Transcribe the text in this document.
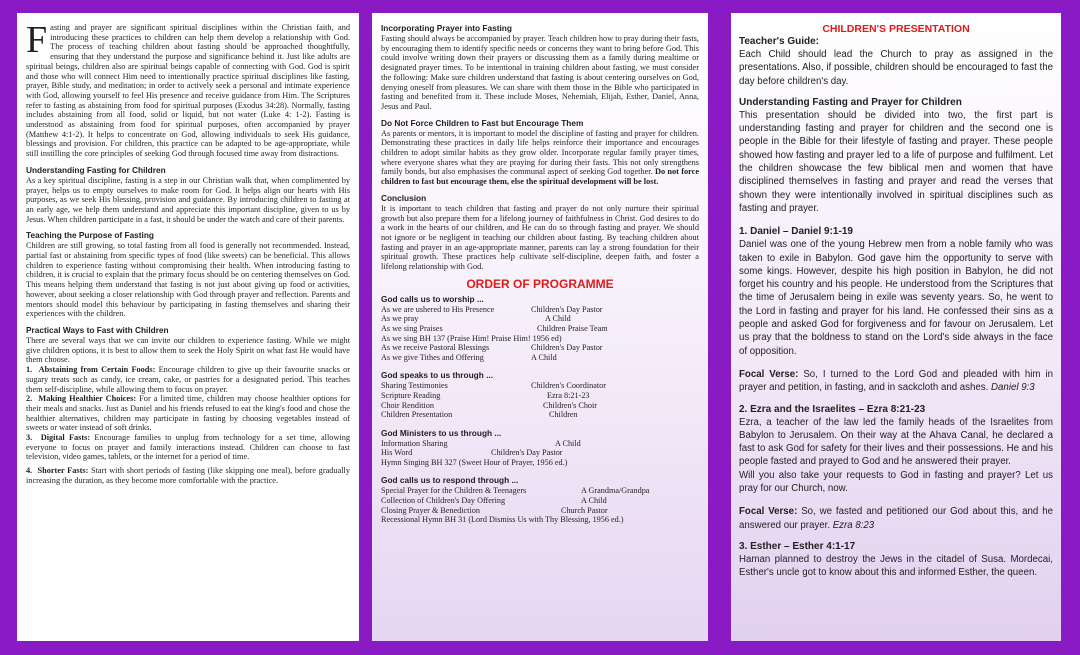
Fasting and prayer are significant spiritual disciplines within the Christian faith, and introducing these practices to children can help them develop a relationship with God. The process of teaching children about fasting should be approached thoughtfully, ensuring that they understand the purpose and significance behind it. Just like adults are spiritual beings, children also are spiritual beings capable of connecting with God. God is spirit and those who will connect Him need to intentionally practice spiritual disciplines like fasting, prayer, Bible study, and meditation; in order to actively seek a personal and intimate experience with God, allowing yourself to feel His presence and receive guidance from Him. The Scriptures refer to fasting as abstaining from food for spiritual purposes (Exodus 34:28). Normally, fasting includes abstaining from all food, solid or liquid, but not water (Luke 4: 1-2). Fasting is understood as abstaining from food for spiritual purposes, often accompanied by prayer (Matthew 4:1-2). It helps to concentrate on God, allowing individuals to seek His guidance, blessings and provision. For children, this practice can be adapted to be age-appropriate, while still instilling the core principles of seeking God through focused time away from distractions.

Understanding Fasting for Children

As a key spiritual discipline, fasting is a step in our Christian walk that, when complimented by prayer, helps us to empty ourselves to make room for God. It helps align our hearts with His purposes, as we seek His blessing, provision and guidance. By introducing children to fasting at an early age, we help them understand and appreciate this important discipline, given to us by Jesus. When children participate in a fast, it should be under the watch and care of their parents.

Teaching the Purpose of Fasting

Children are still growing, so total fasting from all food is generally not recommended. Instead, partial fast or abstaining from specific types of food (like sweets) can be beneficial. This allows children to experience fasting without compromising their health. When introducing fasting to children, it is crucial to explain that the primary focus should be on centering themselves on God. This means helping them understand that fasting is not just about giving up food or activities, however, about seeking a closer relationship with God through prayer and reflection. Parents and mentors should model this behaviour by participating in fasting themselves and sharing their experiences with the children.

Practical Ways to Fast with Children

There are several ways that we can invite our children to experience fasting. While we might give children options, it is best to allow them to seek the Holy Spirit on what fast He would have them choose.

1. Abstaining from Certain Foods: Encourage children to give up their favourite snacks or sugary treats such as candy, ice cream, cake, or pastries for a designated period. This teaches them self-discipline, while allowing them to focus on prayer.

2. Making Healthier Choices: For a limited time, children may choose healthier options for their meals and snacks. Just as Daniel and his friends refused to eat the king's food and chose the healthier alternatives, children may participate in fasting by choosing vegetables instead of sweets or water instead of soft drinks.

3. Digital Fasts: Encourage families to unplug from technology for a set time, allowing everyone to focus on prayer and family interactions instead. Children can choose to fast television, video games, tablets, or the internet for a period of time.

4. Shorter Fasts: Start with short periods of fasting (like skipping one meal), before gradually increasing the duration, as they become more comfortable with the practice.

Incorporating Prayer into Fasting

Fasting should always be accompanied by prayer. Teach children how to pray during their fasts, by encouraging them to identify specific needs or concerns they want to bring before God. This could involve writing down their prayers or discussing them as a family during mealtime or designated prayer times. To be intentional in training children about fasting, we must consider the following: Make sure children understand that fasting is about centering ourselves on God, denying oneself from pleasures. We can share with them those in the Bible who participated in fasting and benefited from it. These include Moses, Nehemiah, Elijah, Esther, Daniel, Anna, Jesus and Paul.

Do Not Force Children to Fast but Encourage Them

As parents or mentors, it is important to model the discipline of fasting and prayer for children. Demonstrating these practices in daily life helps reinforce their importance and encourages children to adopt similar habits as they grow older. Incorporate regular family prayer times, where everyone shares what they are praying for during their fasts. This not only strengthens family bonds, but also emphasises the communal aspect of seeking God together. Do not force children to fast but encourage them, else the spiritual development will be lost.

Conclusion

It is important to teach children that fasting and prayer do not only nurture their spiritual growth but also prepare them for a lifelong journey of faithfulness in Christ. God desires to do a work in the hearts of our children, and He can do so through fasting and prayer. We should not ignore or be negligent in teaching our children about fasting. By teaching children about fasting and prayer in an age-appropriate manner, parents can lay a strong foundation for their spiritual growth. These practices help cultivate self-discipline, deepen faith, and foster a lifelong relationship with God.

ORDER OF PROGRAMME
God calls us to worship ...
As we are ushered to His Presence	Children's Day Pastor
As we pray	A Child
As we sing Praises	Children Praise Team
As we sing BH 137 (Praise Him! Praise Him! 1956 ed)
As we receive Pastoral Blessings	Children's Day Pastor
As we give Tithes and Offering	A Child
God speaks to us through ...
Sharing Testimonies	Children's Coordinator
Scripture Reading	Ezra 8:21-23
Choir Rendition	Children's Choir
Children Presentation	Children
God Ministers to us through ...
Information Sharing	A Child
His Word	Children's Day Pastor
Hymn Singing BH 327 (Sweet Hour of Prayer, 1956 ed.)
God calls us to respond through ...
Special Prayer for the Children & Teenagers	A Grandma/Grandpa
Collection of Children's Day Offering	A Child
Closing Prayer & Benediction	Church Pastor
Recessional Hymn BH 31 (Lord Dismiss Us with Thy Blessing, 1956 ed.)
CHILDREN'S PRESENTATION
Teacher's Guide:

Each Child should lead the Church to pray as assigned in the presentations. Also, if possible, children should be encouraged to fast the day before children's day.

Understanding Fasting and Prayer for Children

This presentation should be divided into two, the first part is understanding fasting and prayer for children and the second one is people in the Bible for their lifestyle of fasting and prayer. These people showed how fasting and prayer led to a life of purpose and fulfilment. Let the children showcase the few biblical men and women that have disciplined themselves in fasting and prayer and read the verses that shown they were intentionally involved in spiritual disciplines such as fasting and prayer.

1. Daniel – Daniel 9:1-19

Daniel was one of the young Hebrew men from a noble family who was taken to exile in Babylon. God gave him the opportunity to serve with some kings. However, despite his high position in Babylon, he did not forget his country and his people. He understood from the Scriptures that the time of Jerusalem being in exile was seventy years. So, he went to the Lord in fasting and prayer for his land. He confessed their sins as a people and asked God for forgiveness and for favour on Jerusalem. Let us pray that the boldness to stand on the Lord's side always in the face of opposition.

Focal Verse: So, I turned to the Lord God and pleaded with him in prayer and petition, in fasting, and in sackcloth and ashes. Daniel 9:3

2. Ezra and the Israelites – Ezra 8:21-23

Ezra, a teacher of the law led the family heads of the Israelites from Babylon to Jerusalem. On their way at the Ahava Canal, he declared a fast to ask God for safety for their lives and their possessions. He and his people fasted and prayed to God and he answered their prayer.

Will you also take your requests to God in fasting and prayer? Let us pray for our Church, now.

Focal Verse: So, we fasted and petitioned our God about this, and he answered our prayer. Ezra 8:23

3. Esther – Esther 4:1-17

Haman planned to destroy the Jews in the citadel of Susa. Mordecai, Esther's uncle got to know about this and informed Esther, the queen.
